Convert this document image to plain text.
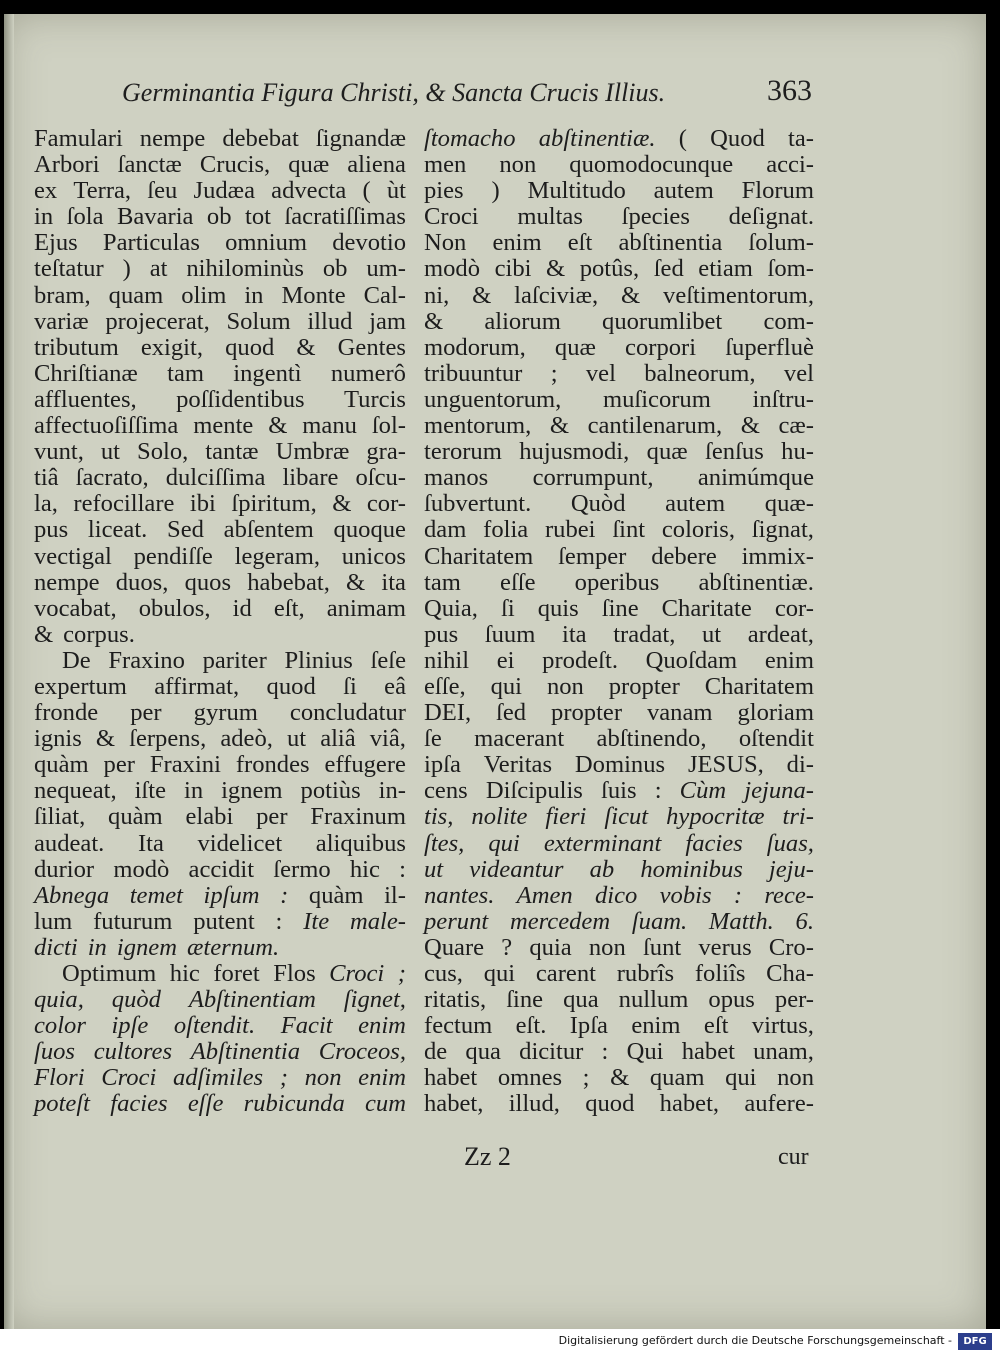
Germinantia Figura Christi, & Sancta Crucis Illius.	363
Famulari nempe debebat ſignandæ
Arbori ſanctæ Crucis, quæ aliena
ex Terra, ſeu Judæa advecta ( ùt
in ſola Bavaria ob tot ſacratiſſimas
Ejus Particulas omnium devotio
teſtatur ) at nihilominùs ob um-
bram, quam olim in Monte Cal-
variæ projecerat, Solum illud jam
tributum exigit, quod & Gentes
Chriſtianæ tam ingentì numerô
affluentes, poſſidentibus Turcis
affectuoſiſſima mente & manu ſol-
vunt, ut Solo, tantæ Umbræ gra-
tiâ ſacrato, dulciſſima libare oſcu-
la, refocillare ibi ſpiritum, & cor-
pus liceat. Sed abſentem quoque
vectigal pendiſſe legeram, unicos
nempe duos, quos habebat, & ita
vocabat, obulos, id eſt, animam
& corpus.
De Fraxino pariter Plinius ſeſe
expertum affirmat, quod ſi eâ
fronde per gyrum concludatur
ignis & ſerpens, adeò, ut aliâ viâ,
quàm per Fraxini frondes effugere
nequeat, iſte in ignem potiùs in-
ſiliat, quàm elabi per Fraxinum
audeat. Ita videlicet aliquibus
durior modò accidit ſermo hic :
Abnega temet ipſum : quàm il-
lum futurum putent : Ite male-
dicti in ignem æternum.
Optimum hic foret Flos Croci ;
quia, quòd Abſtinentiam ſignet,
color ipſe oſtendit. Facit enim
ſuos cultores Abſtinentia Croceos,
Flori Croci adſimiles ; non enim
poteſt facies eſſe rubicunda cum
ſtomacho abſtinentiæ. ( Quod ta-
men non quomodocunque acci-
pies ) Multitudo autem Florum
Croci multas ſpecies deſignat.
Non enim eſt abſtinentia ſolum-
modò cibi & potûs, ſed etiam ſom-
ni, & laſciviæ, & veſtimentorum,
& aliorum quorumlibet com-
modorum, quæ corpori ſuperfluè
tribuuntur ; vel balneorum, vel
unguentorum, muſicorum inſtru-
mentorum, & cantilenarum, & cæ-
terorum hujusmodi, quæ ſenſus hu-
manos corrumpunt, animúmque
ſubvertunt. Quòd autem quæ-
dam folia rubei ſint coloris, ſignat,
Charitatem ſemper debere immix-
tam eſſe operibus abſtinentiæ.
Quia, ſi quis ſine Charitate cor-
pus ſuum ita tradat, ut ardeat,
nihil ei prodeſt. Quoſdam enim
eſſe, qui non propter Charitatem
DEI, ſed propter vanam gloriam
ſe macerant abſtinendo, oſtendit
ipſa Veritas Dominus JESUS, di-
cens Diſcipulis ſuis : Cùm jejuna-
tis, nolite fieri ſicut hypocritæ tri-
ſtes, qui exterminant facies ſuas,
ut videantur ab hominibus jeju-
nantes. Amen dico vobis : rece-
perunt mercedem ſuam. Matth. 6.
Quare ? quia non ſunt verus Cro-
cus, qui carent rubrîs foliîs Cha-
ritatis, ſine qua nullum opus per-
fectum eſt. Ipſa enim eſt virtus,
de qua dicitur : Qui habet unam,
habet omnes ; & quam qui non
habet, illud, quod habet, aufere-
Zz 2	cur
Digitalisierung gefördert durch die Deutsche Forschungsgemeinschaft -	DFG
